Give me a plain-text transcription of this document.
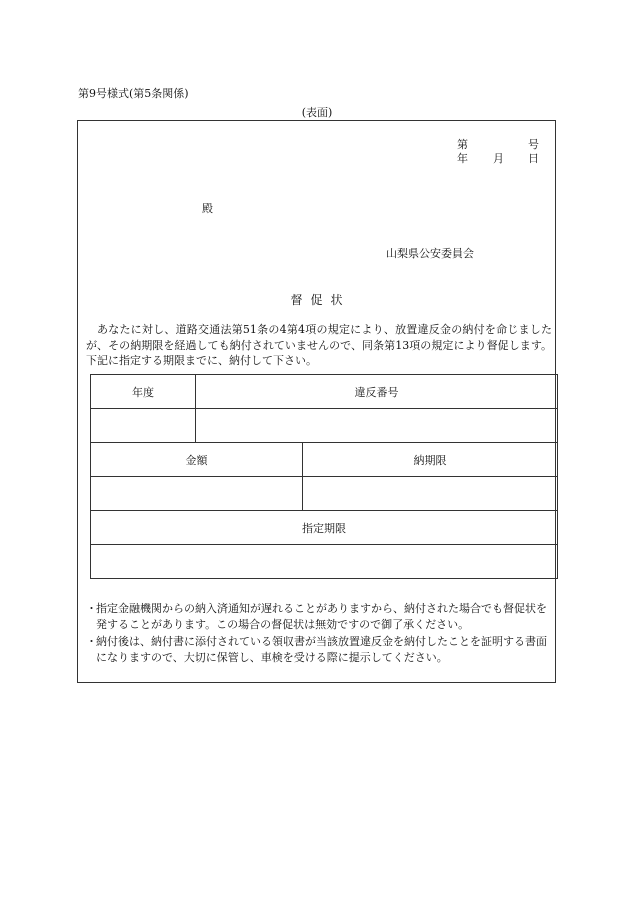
第9号様式(第5条関係)
(表面)
第	号
年 月 日
殿
山梨県公安委員会
督促状
あなたに対し、道路交通法第51条の4第4項の規定により、放置違反金の納付を命じましたが、その納期限を経過しても納付されていませんので、同条第13項の規定により督促します。下記に指定する期限までに、納付して下さい。
年度	違反番号	

金額		納期限

指定期限		

・ 指定金融機関からの納入済通知が遅れることがありますから、納付された場合でも督促状を発することがあります。この場合の督促状は無効ですので御了承ください。
・ 納付後は、納付書に添付されている領収書が当該放置違反金を納付したことを証明する書面になりますので、大切に保管し、車検を受ける際に提示してください。
